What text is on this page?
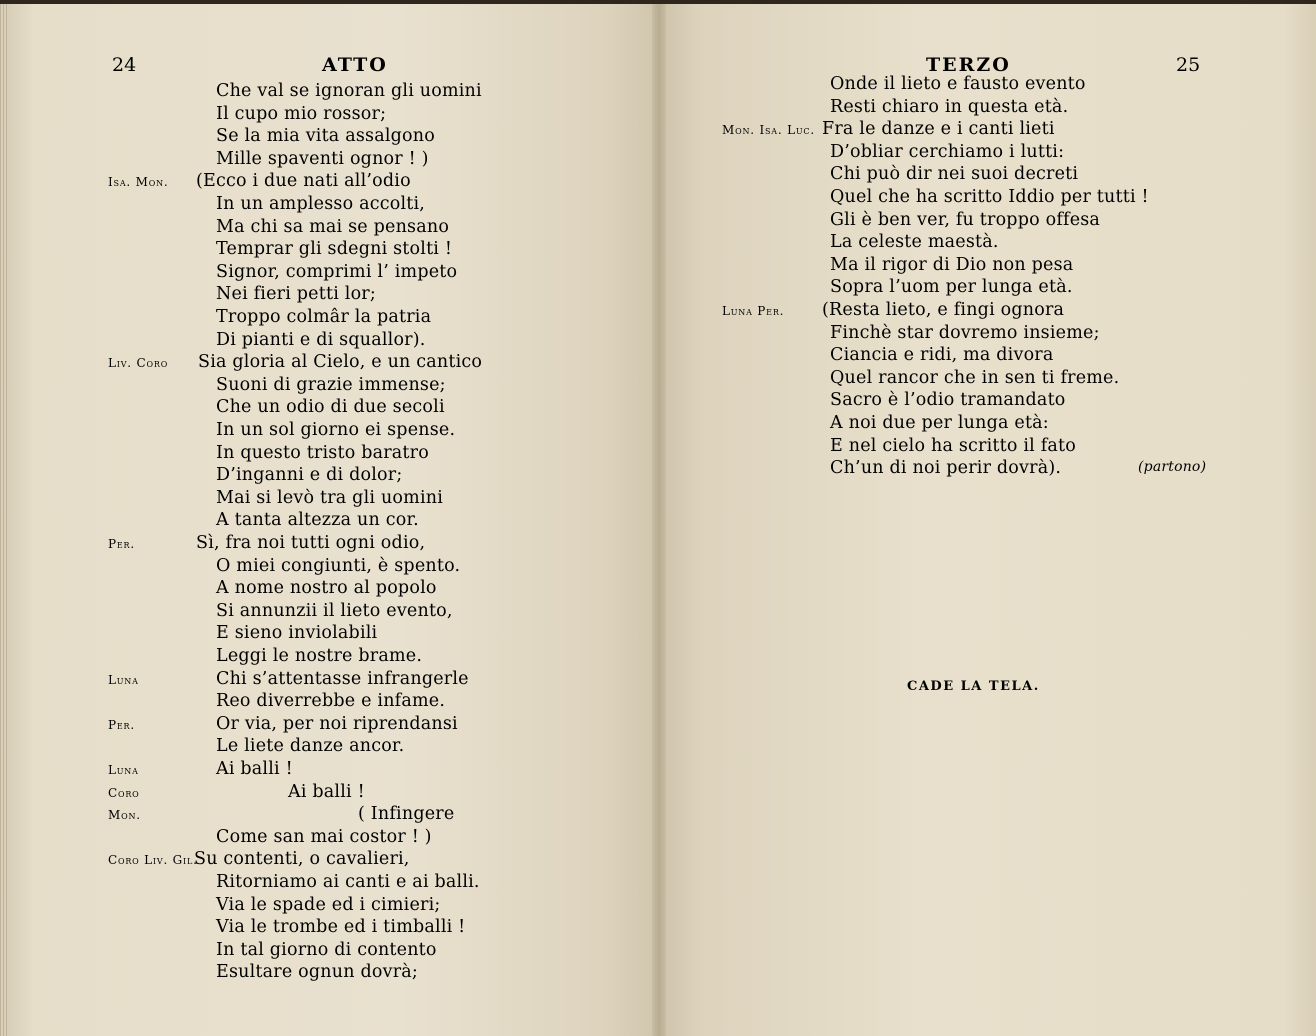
24	ATTO	TERZO	25
Che val se ignoran gli uomini
Il cupo mio rossor;
Se la mia vita assalgono
Mille spaventi ognor ! )
Isa. Mon. (Ecco i due nati all’odio
In un amplesso accolti,
Ma chi sa mai se pensano
Temprar gli sdegni stolti !
Signor, comprimi l’ impeto
Nei fieri petti lor;
Troppo colmâr la patria
Di pianti e di squallor).
Liv. Coro Sia gloria al Cielo, e un cantico
Suoni di grazie immense;
Che un odio di due secoli
In un sol giorno ei spense.
In questo tristo baratro
D’inganni e di dolor;
Mai si levò tra gli uomini
A tanta altezza un cor.
Per.	Sì, fra noi tutti ogni odio,
O miei congiunti, è spento.
A nome nostro al popolo
Si annunzii il lieto evento,
E sieno inviolabili
Leggi le nostre brame.
Luna	Chi s’attentasse infrangerle
Reo diverrebbe e infame.
Per.	Or via, per noi riprendansi
Le liete danze ancor.
Luna	Ai balli !
Coro	Ai balli !
Mon.	( Infingere
Come san mai costor ! )
Coro Liv. Gil.
Su contenti, o cavalieri,
Ritorniamo ai canti e ai balli.
Via le spade ed i cimieri;
Via le trombe ed i timballi !
In tal giorno di contento
Esultare ognun dovrà;
Onde il lieto e fausto evento
Resti chiaro in questa età.
Mon. Isa. Luc. Fra le danze e i canti lieti
D’obliar cerchiamo i lutti:
Chi può dir nei suoi decreti
Quel che ha scritto Iddio per tutti !
Gli è ben ver, fu troppo offesa
La celeste maestà.
Ma il rigor di Dio non pesa
Sopra l’uom per lunga età.
Luna Per. (Resta lieto, e fingi ognora
Finchè star dovremo insieme;
Ciancia e ridi, ma divora
Quel rancor che in sen ti freme.
Sacro è l’odio tramandato
A noi due per lunga età:
E nel cielo ha scritto il fato
Ch’un di noi perir dovrà).	(partono)
CADE LA TELA.
